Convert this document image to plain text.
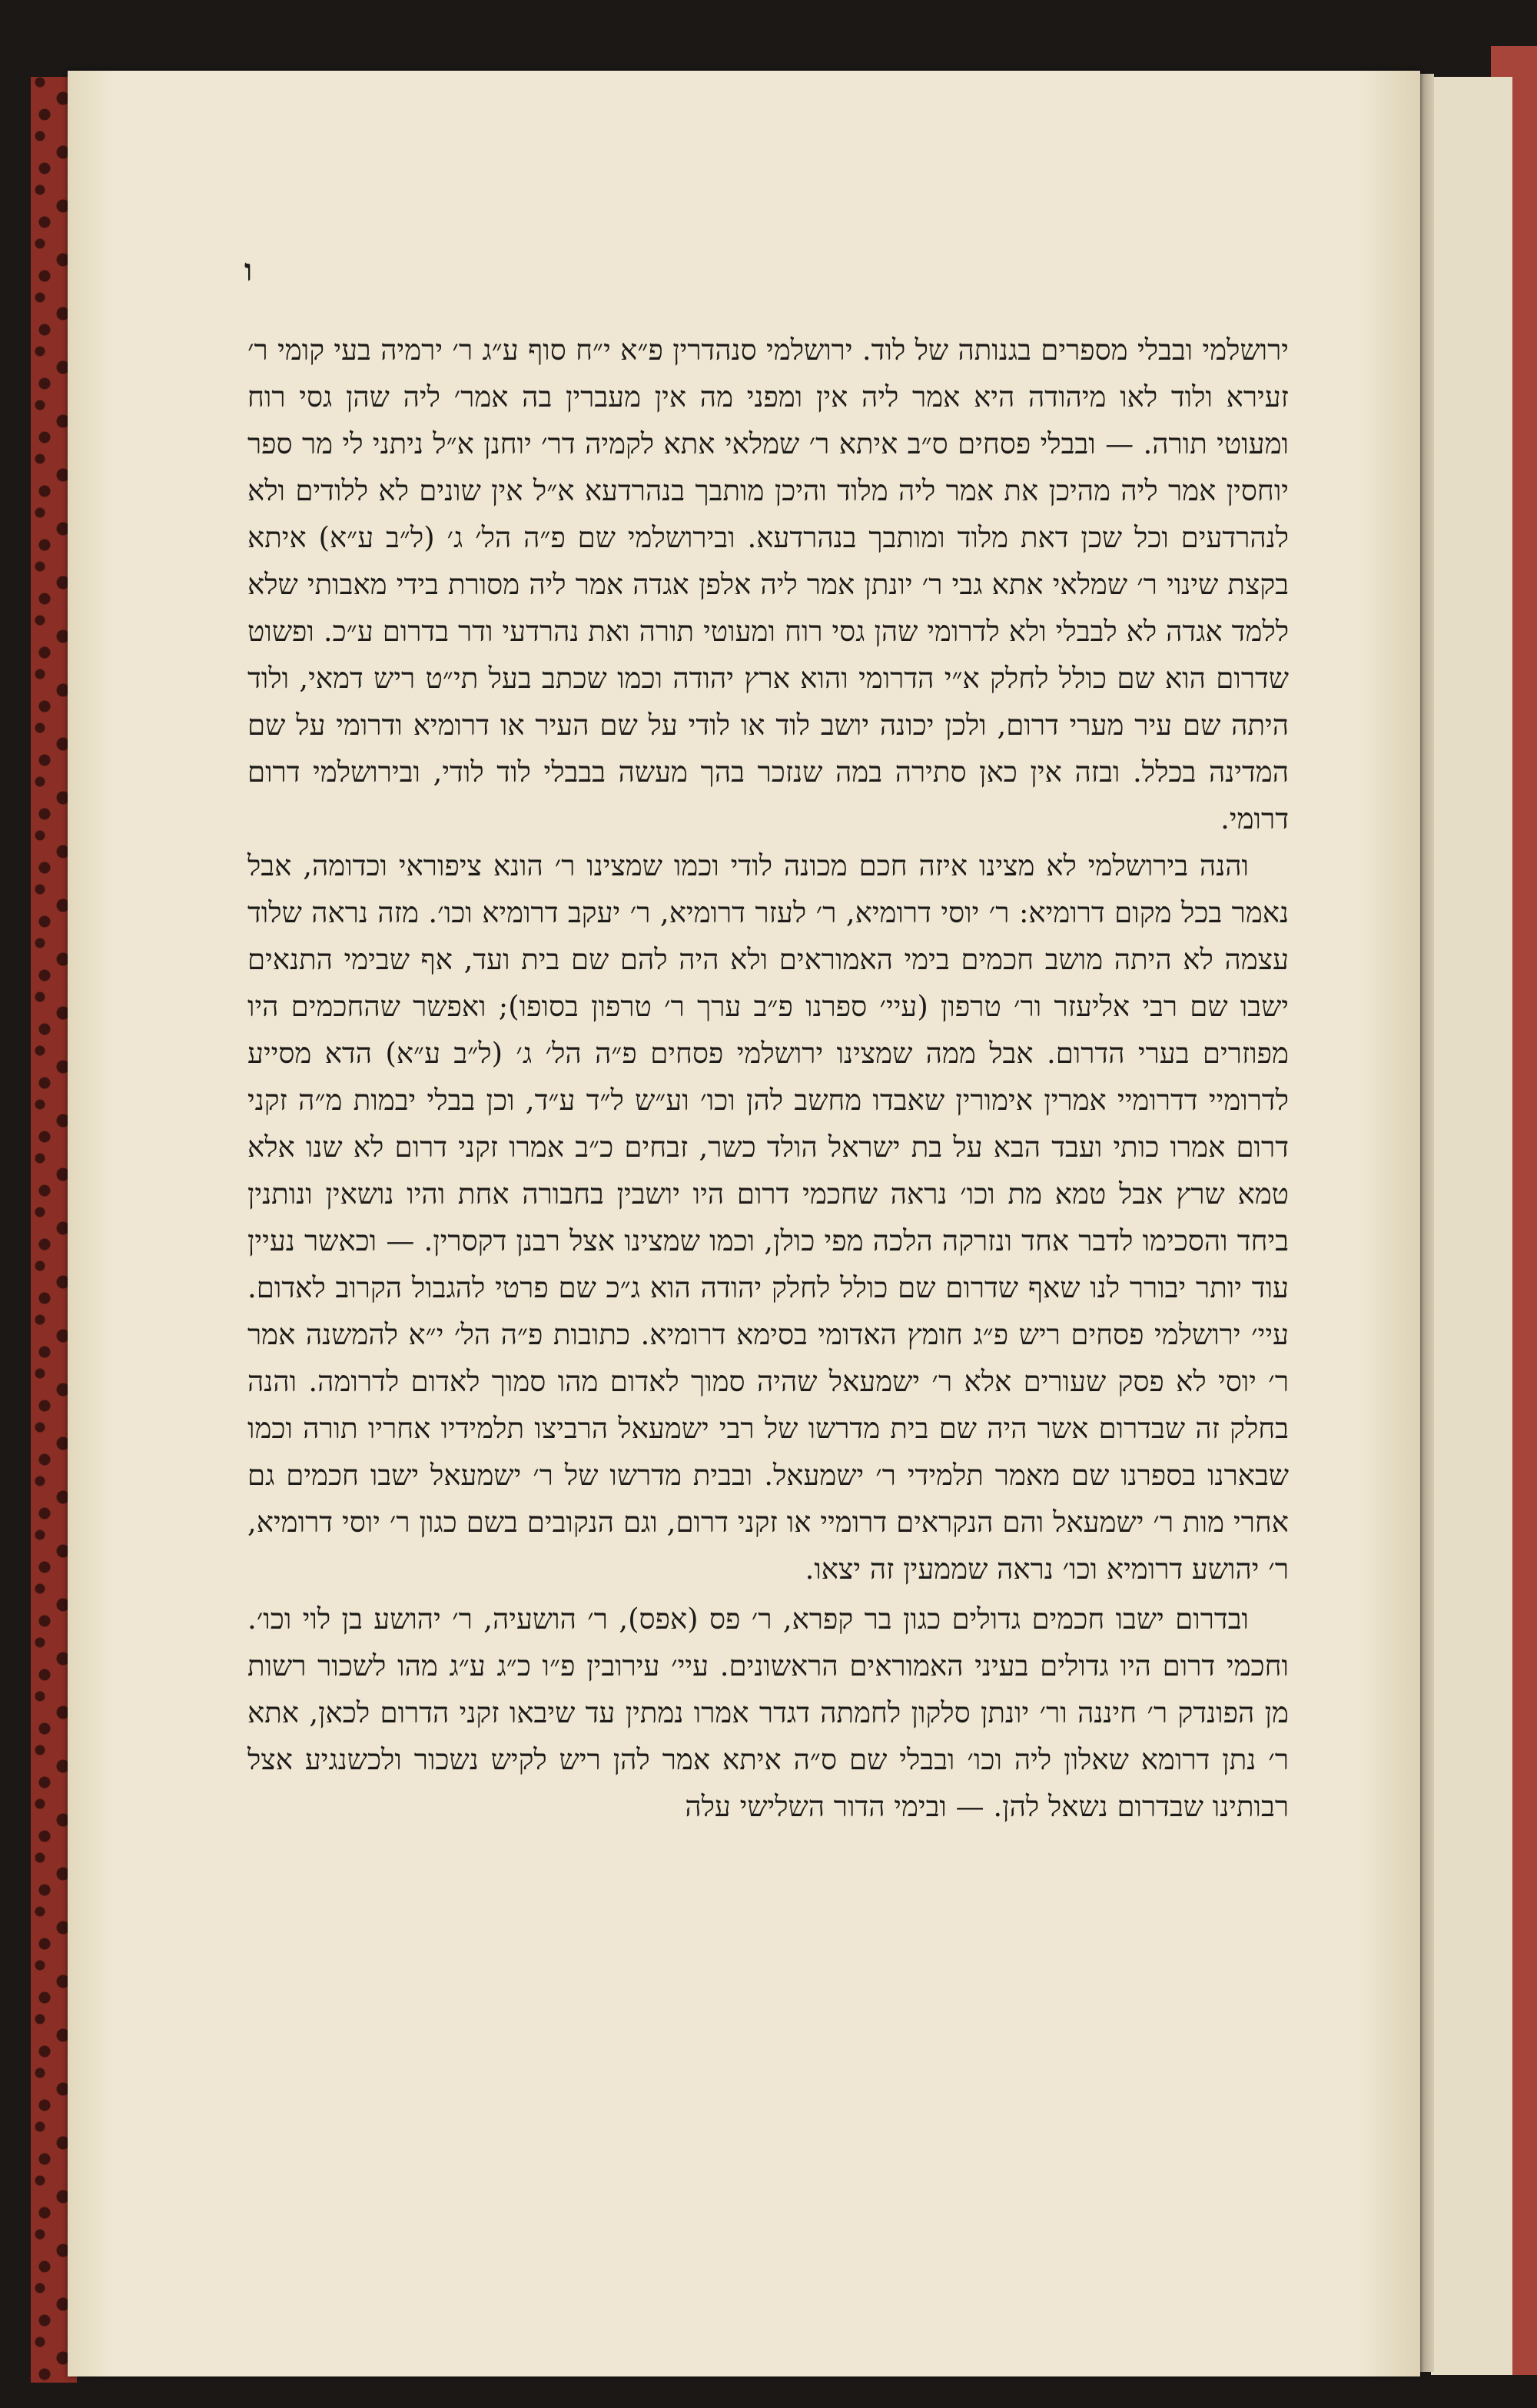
ו

ירושלמי ובבלי מספרים בגנותה של לוד. ירושלמי סנהדרין פ״א י״ח סוף ע״ג ר׳ ירמיה בעי קומי ר׳ זעירא ולוד לאו מיהודה היא אמר ליה אין ומפני מה אין מעברין בה אמר׳ ליה שהן גסי רוח ומעוטי תורה. — ובבלי פסחים ס״ב איתא ר׳ שמלאי אתא לקמיה דר׳ יוחנן א״ל ניתני לי מר ספר יוחסין אמר ליה מהיכן את אמר ליה מלוד והיכן מותבך בנהרדעא א״ל אין שונים לא ללודים ולא לנהרדעים וכל שכן דאת מלוד ומותבך בנהרדעא. ובירושלמי שם פ״ה הל׳ ג׳ (ל״ב ע״א) איתא בקצת שינוי ר׳ שמלאי אתא גבי ר׳ יונתן אמר ליה אלפן אגדה אמר ליה מסורת בידי מאבותי שלא ללמד אגדה לא לבבלי ולא לדרומי שהן גסי רוח ומעוטי תורה ואת נהרדעי ודר בדרום ע״כ. ופשוט שדרום הוא שם כולל לחלק א״י הדרומי והוא ארץ יהודה וכמו שכתב בעל תי״ט ריש דמאי, ולוד היתה שם עיר מערי דרום, ולכן יכונה יושב לוד או לודי על שם העיר או דרומיא ודרומי על שם המדינה בכלל. ובזה אין כאן סתירה במה שנזכר בהך מעשה בבבלי לוד לודי, ובירושלמי דרום דרומי.

והנה בירושלמי לא מצינו איזה חכם מכונה לודי וכמו שמצינו ר׳ הונא ציפוראי וכדומה, אבל נאמר בכל מקום דרומיא: ר׳ יוסי דרומיא, ר׳ לעזר דרומיא, ר׳ יעקב דרומיא וכו׳. מזה נראה שלוד עצמה לא היתה מושב חכמים בימי האמוראים ולא היה להם שם בית ועד, אף שבימי התנאים ישבו שם רבי אליעזר ור׳ טרפון (עיי׳ ספרנו פ״ב ערך ר׳ טרפון בסופו); ואפשר שהחכמים היו מפוזרים בערי הדרום. אבל ממה שמצינו ירושלמי פסחים פ״ה הל׳ ג׳ (ל״ב ע״א) הדא מסייע לדרומיי דדרומיי אמרין אימורין שאבדו מחשב להן וכו׳ וע״ש ל״ד ע״ד, וכן בבלי יבמות מ״ה זקני דרום אמרו כותי ועבד הבא על בת ישראל הולד כשר, זבחים כ״ב אמרו זקני דרום לא שנו אלא טמא שרץ אבל טמא מת וכו׳ נראה שחכמי דרום היו יושבין בחבורה אחת והיו נושאין ונותנין ביחד והסכימו לדבר אחד ונזרקה הלכה מפי כולן, וכמו שמצינו אצל רבנן דקסרין. — וכאשר נעיין עוד יותר יבורר לנו שאף שדרום שם כולל לחלק יהודה הוא ג״כ שם פרטי להגבול הקרוב לאדום. עיי׳ ירושלמי פסחים ריש פ״ג חומץ האדומי בסימא דרומיא. כתובות פ״ה הל׳ י״א להמשנה אמר ר׳ יוסי לא פסק שעורים אלא ר׳ ישמעאל שהיה סמוך לאדום מהו סמוך לאדום לדרומה. והנה בחלק זה שבדרום אשר היה שם בית מדרשו של רבי ישמעאל הרביצו תלמידיו אחריו תורה וכמו שבארנו בספרנו שם מאמר תלמידי ר׳ ישמעאל. ובבית מדרשו של ר׳ ישמעאל ישבו חכמים גם אחרי מות ר׳ ישמעאל והם הנקראים דרומיי או זקני דרום, וגם הנקובים בשם כגון ר׳ יוסי דרומיא, ר׳ יהושע דרומיא וכו׳ נראה שממעין זה יצאו.

ובדרום ישבו חכמים גדולים כגון בר קפרא, ר׳ פס (אפס), ר׳ הושעיה, ר׳ יהושע בן לוי וכו׳. וחכמי דרום היו גדולים בעיני האמוראים הראשונים. עיי׳ עירובין פ״ו כ״ג ע״ג מהו לשכור רשות מן הפונדק ר׳ חיננה ור׳ יונתן סלקון לחמתה דגדר אמרו נמתין עד שיבאו זקני הדרום לכאן, אתא ר׳ נתן דרומא שאלון ליה וכו׳ ובבלי שם ס״ה איתא אמר להן ריש לקיש נשכור ולכשנגיע אצל רבותינו שבדרום נשאל להן. — ובימי הדור השלישי עלה
